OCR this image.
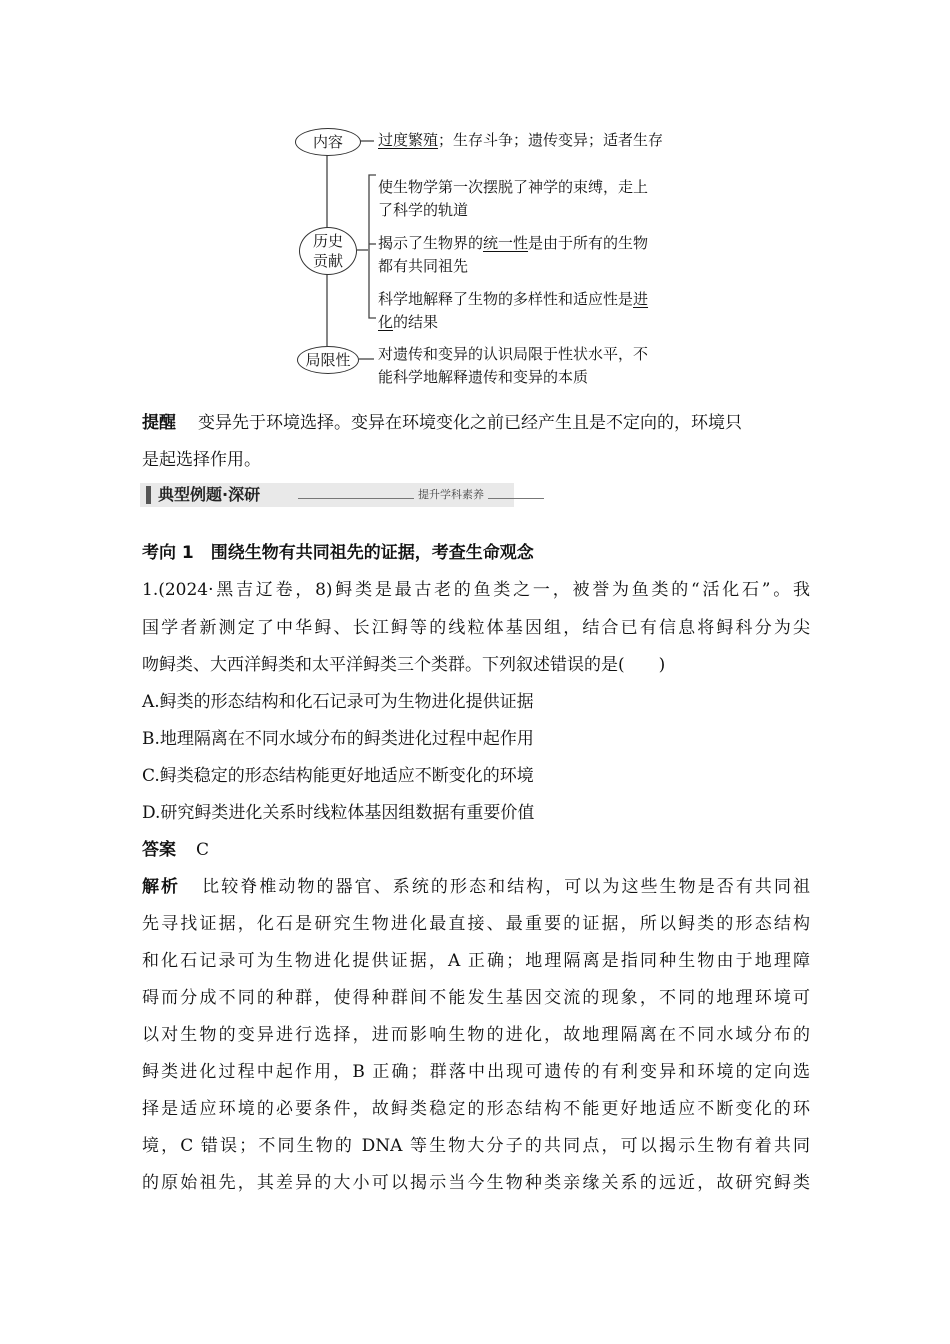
内容
历史
贡献
局限性
过度繁殖；生存斗争；遗传变异；适者生存
使生物学第一次摆脱了神学的束缚，走上
了科学的轨道
揭示了生物界的统一性是由于所有的生物
都有共同祖先
科学地解释了生物的多样性和适应性是进
化的结果
对遗传和变异的认识局限于性状水平，不
能科学地解释遗传和变异的本质
提醒 变异先于环境选择。变异在环境变化之前已经产生且是不定向的，环境只
是起选择作用。
典型例题·深研	提升学科素养
考向 1　围绕生物有共同祖先的证据，考查生命观念
1.(2024·黑吉辽卷，8)鲟类是最古老的鱼类之一，被誉为鱼类的“活化石”。我
国学者新测定了中华鲟、长江鲟等的线粒体基因组，结合已有信息将鲟科分为尖
吻鲟类、大西洋鲟类和太平洋鲟类三个类群。下列叙述错误的是(　　)
A.鲟类的形态结构和化石记录可为生物进化提供证据
B.地理隔离在不同水域分布的鲟类进化过程中起作用
C.鲟类稳定的形态结构能更好地适应不断变化的环境
D.研究鲟类进化关系时线粒体基因组数据有重要价值
答案 C
解析 比较脊椎动物的器官、系统的形态和结构，可以为这些生物是否有共同祖
先寻找证据，化石是研究生物进化最直接、最重要的证据，所以鲟类的形态结构
和化石记录可为生物进化提供证据，A 正确；地理隔离是指同种生物由于地理障
碍而分成不同的种群，使得种群间不能发生基因交流的现象，不同的地理环境可
以对生物的变异进行选择，进而影响生物的进化，故地理隔离在不同水域分布的
鲟类进化过程中起作用，B 正确；群落中出现可遗传的有利变异和环境的定向选
择是适应环境的必要条件，故鲟类稳定的形态结构不能更好地适应不断变化的环
境，C 错误；不同生物的 DNA 等生物大分子的共同点，可以揭示生物有着共同
的原始祖先，其差异的大小可以揭示当今生物种类亲缘关系的远近，故研究鲟类
